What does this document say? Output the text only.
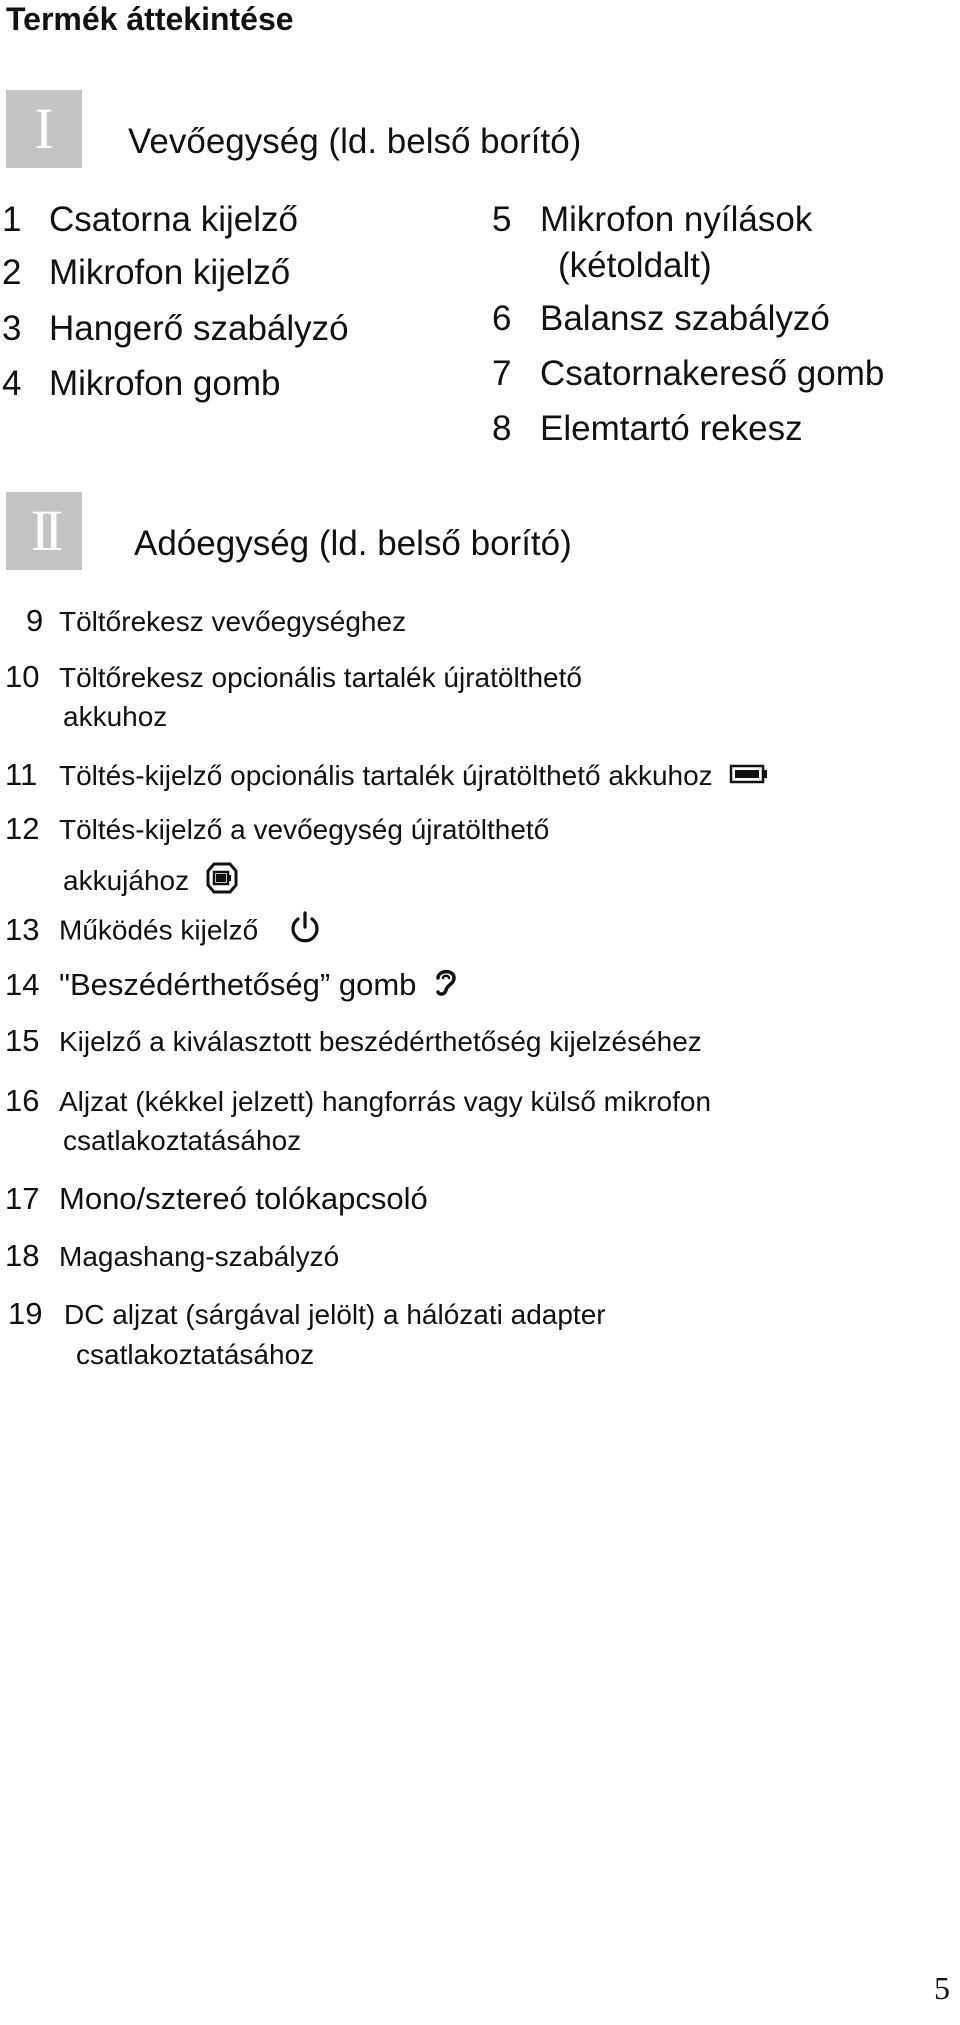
Termék áttekintése
I	Vevőegység (ld. belső borító)
1 Csatorna kijelző
2 Mikrofon kijelző
3 Hangerő szabályzó
4 Mikrofon gomb
5 Mikrofon nyílások
(kétoldalt)
6 Balansz szabályzó
7 Csatornakereső gomb
8 Elemtartó rekesz
II	Adóegység (ld. belső borító)
9 Töltőrekesz vevőegységhez
10 Töltőrekesz opcionális tartalék újratölthető
akkuhoz
11 Töltés-kijelző opcionális tartalék újratölthető akkuhoz
12 Töltés-kijelző a vevőegység újratölthető
akkujához
13 Működés kijelző
14 "Beszédérthetőség” gomb
15 Kijelző a kiválasztott beszédérthetőség kijelzéséhez
16 Aljzat (kékkel jelzett) hangforrás vagy külső mikrofon
csatlakoztatásához
17 Mono/sztereó tolókapcsoló
18 Magashang-szabályzó
19 DC aljzat (sárgával jelölt) a hálózati adapter
csatlakoztatásához
5
